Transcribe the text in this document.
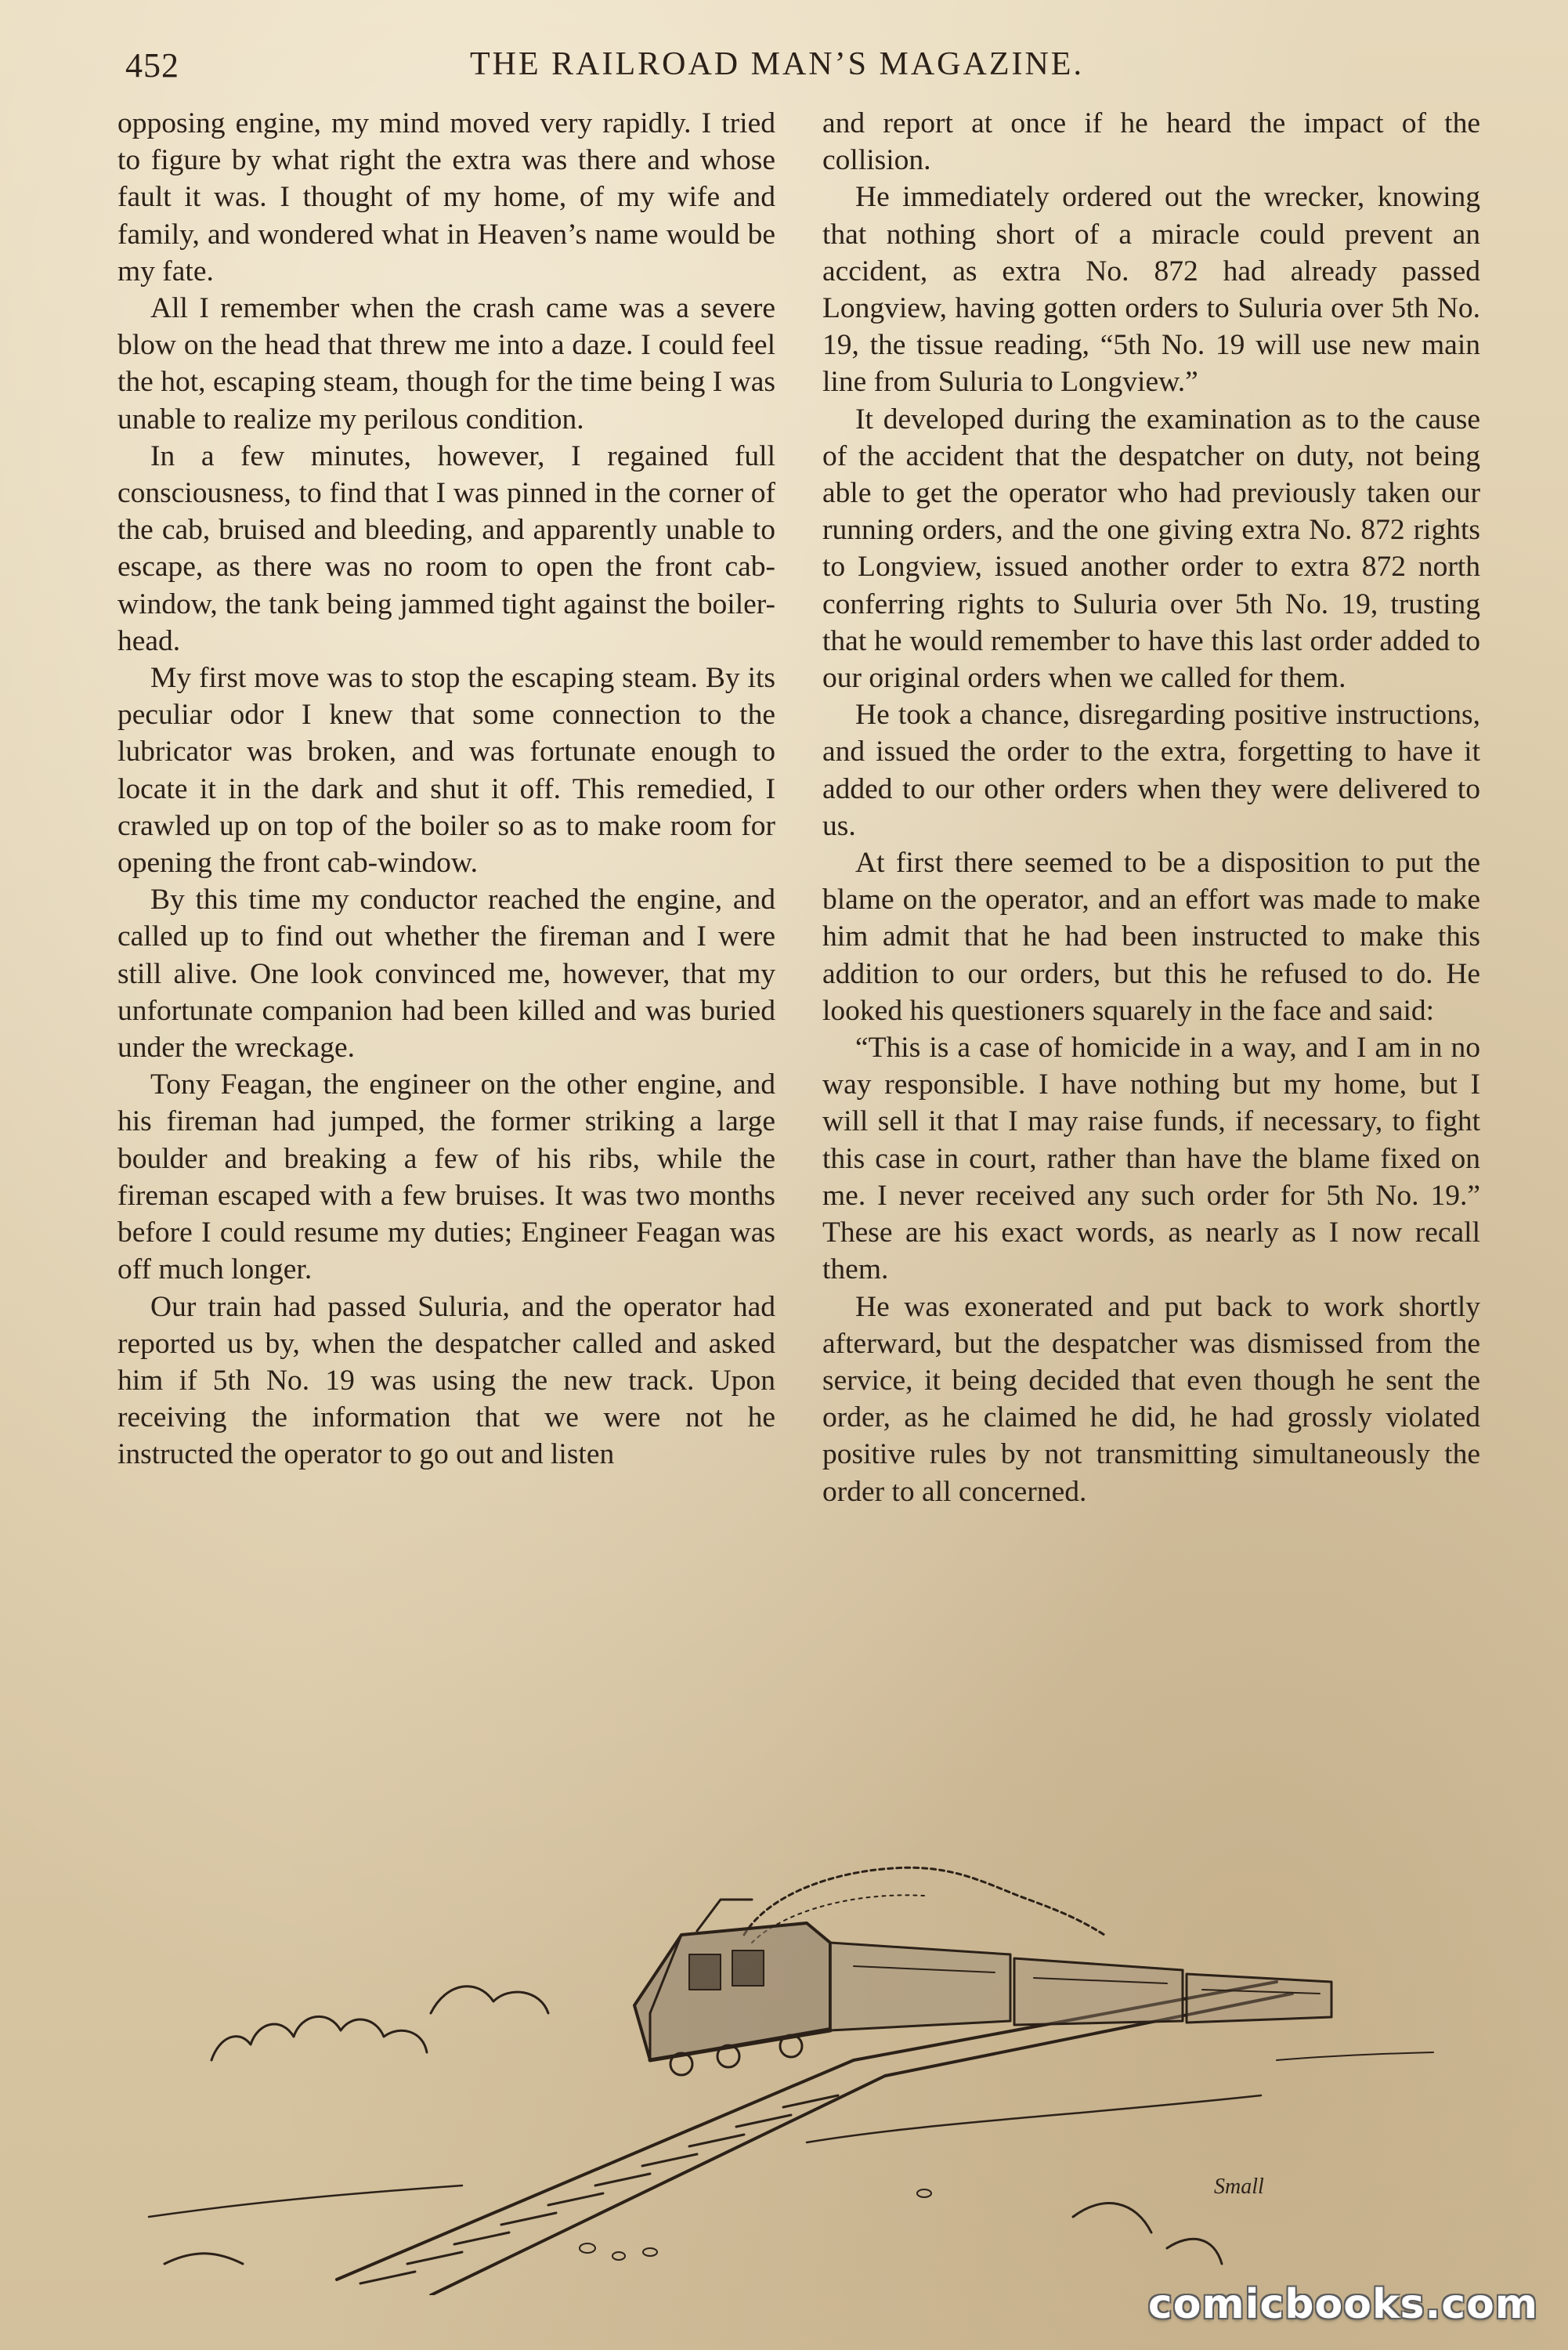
452	THE RAILROAD MAN’S MAGAZINE.

opposing engine, my mind moved very rapidly. I tried to figure by what right the extra was there and whose fault it was. I thought of my home, of my wife and family, and wondered what in Heaven’s name would be my fate.

All I remember when the crash came was a severe blow on the head that threw me into a daze. I could feel the hot, escaping steam, though for the time being I was unable to realize my perilous condition.

In a few minutes, however, I regained full consciousness, to find that I was pinned in the corner of the cab, bruised and bleeding, and apparently unable to escape, as there was no room to open the front cab-window, the tank being jammed tight against the boiler-head.

My first move was to stop the escaping steam. By its peculiar odor I knew that some connection to the lubricator was broken, and was fortunate enough to locate it in the dark and shut it off. This remedied, I crawled up on top of the boiler so as to make room for opening the front cab-window.

By this time my conductor reached the engine, and called up to find out whether the fireman and I were still alive. One look convinced me, however, that my unfortunate companion had been killed and was buried under the wreckage.

Tony Feagan, the engineer on the other engine, and his fireman had jumped, the former striking a large boulder and breaking a few of his ribs, while the fireman escaped with a few bruises. It was two months before I could resume my duties; Engineer Feagan was off much longer.

Our train had passed Suluria, and the operator had reported us by, when the despatcher called and asked him if 5th No. 19 was using the new track. Upon receiving the information that we were not he instructed the operator to go out and listen

and report at once if he heard the impact of the collision.

He immediately ordered out the wrecker, knowing that nothing short of a miracle could prevent an accident, as extra No. 872 had already passed Longview, having gotten orders to Suluria over 5th No. 19, the tissue reading, “5th No. 19 will use new main line from Suluria to Longview.”

It developed during the examination as to the cause of the accident that the despatcher on duty, not being able to get the operator who had previously taken our running orders, and the one giving extra No. 872 rights to Longview, issued another order to extra 872 north conferring rights to Suluria over 5th No. 19, trusting that he would remember to have this last order added to our original orders when we called for them.

He took a chance, disregarding positive instructions, and issued the order to the extra, forgetting to have it added to our other orders when they were delivered to us.

At first there seemed to be a disposition to put the blame on the operator, and an effort was made to make him admit that he had been instructed to make this addition to our orders, but this he refused to do. He looked his questioners squarely in the face and said:

“This is a case of homicide in a way, and I am in no way responsible. I have nothing but my home, but I will sell it that I may raise funds, if necessary, to fight this case in court, rather than have the blame fixed on me. I never received any such order for 5th No. 19.” These are his exact words, as nearly as I now recall them.

He was exonerated and put back to work shortly afterward, but the despatcher was dismissed from the service, it being decided that even though he sent the order, as he claimed he did, he had grossly violated positive rules by not transmitting simultaneously the order to all concerned.

Small
comicbooks.com
